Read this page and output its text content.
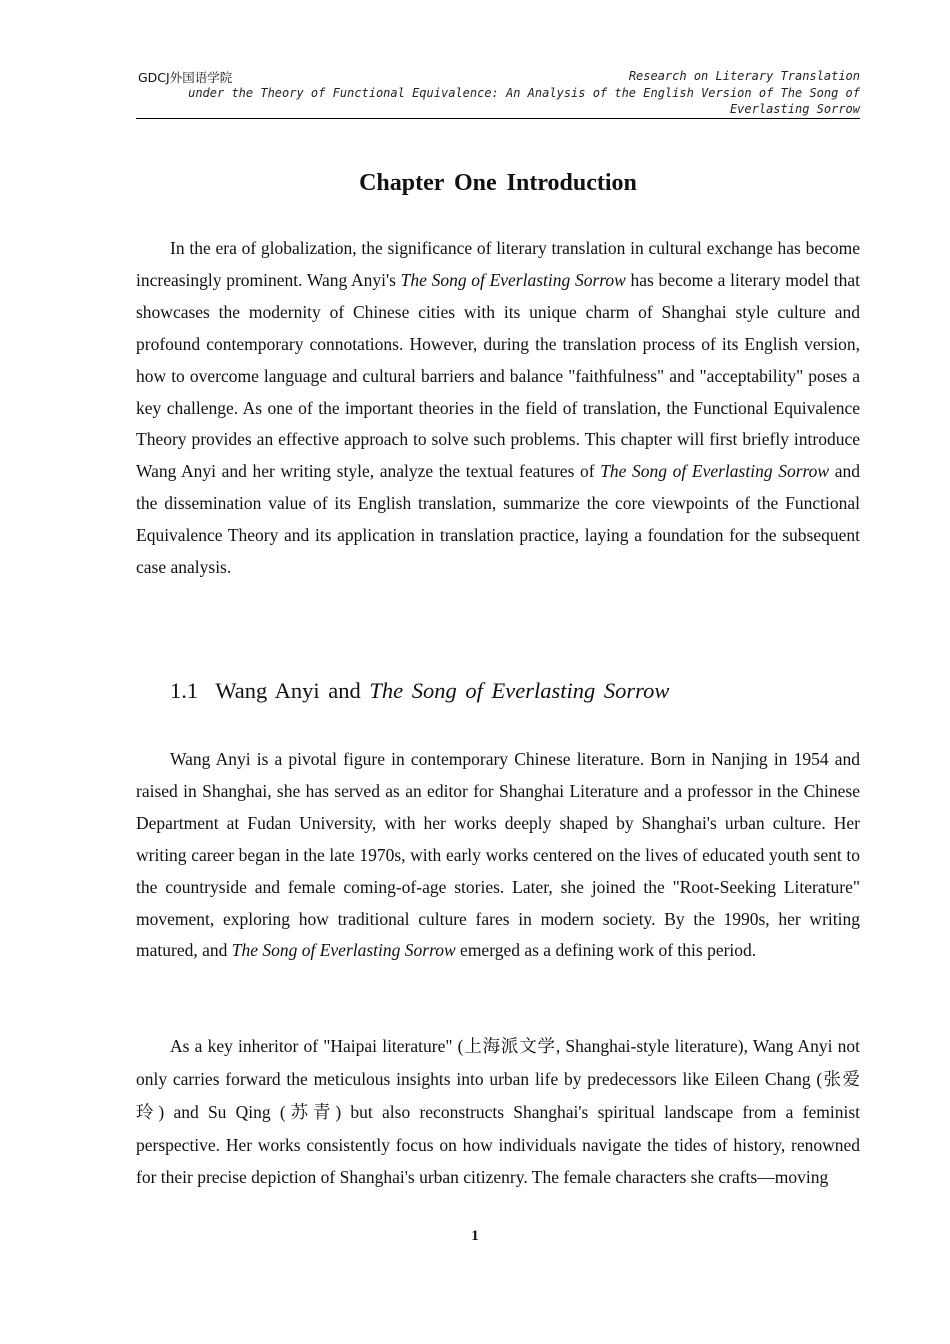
GDCJ外国语学院	Research on Literary Translation
under the Theory of Functional Equivalence: An Analysis of the English Version of The Song of
Everlasting Sorrow
Chapter One Introduction

In the era of globalization, the significance of literary translation in cultural exchange has become increasingly prominent. Wang Anyi's The Song of Everlasting Sorrow has become a literary model that showcases the modernity of Chinese cities with its unique charm of Shanghai style culture and profound contemporary connotations. However, during the translation process of its English version, how to overcome language and cultural barriers and balance "faithfulness" and "acceptability" poses a key challenge. As one of the important theories in the field of translation, the Functional Equivalence Theory provides an effective approach to solve such problems. This chapter will first briefly introduce Wang Anyi and her writing style, analyze the textual features of The Song of Everlasting Sorrow and the dissemination value of its English translation, summarize the core viewpoints of the Functional Equivalence Theory and its application in translation practice, laying a foundation for the subsequent case analysis.

1.1 Wang Anyi and The Song of Everlasting Sorrow

Wang Anyi is a pivotal figure in contemporary Chinese literature. Born in Nanjing in 1954 and raised in Shanghai, she has served as an editor for Shanghai Literature and a professor in the Chinese Department at Fudan University, with her works deeply shaped by Shanghai's urban culture. Her writing career began in the late 1970s, with early works centered on the lives of educated youth sent to the countryside and female coming-of-age stories. Later, she joined the "Root-Seeking Literature" movement, exploring how traditional culture fares in modern society. By the 1990s, her writing matured, and The Song of Everlasting Sorrow emerged as a defining work of this period.

As a key inheritor of "Haipai literature" (上海派文学, Shanghai-style literature), Wang Anyi not only carries forward the meticulous insights into urban life by predecessors like Eileen Chang (张爱玲) and Su Qing (苏青) but also reconstructs Shanghai's spiritual landscape from a feminist perspective. Her works consistently focus on how individuals navigate the tides of history, renowned for their precise depiction of Shanghai's urban citizenry. The female characters she crafts—moving

1
